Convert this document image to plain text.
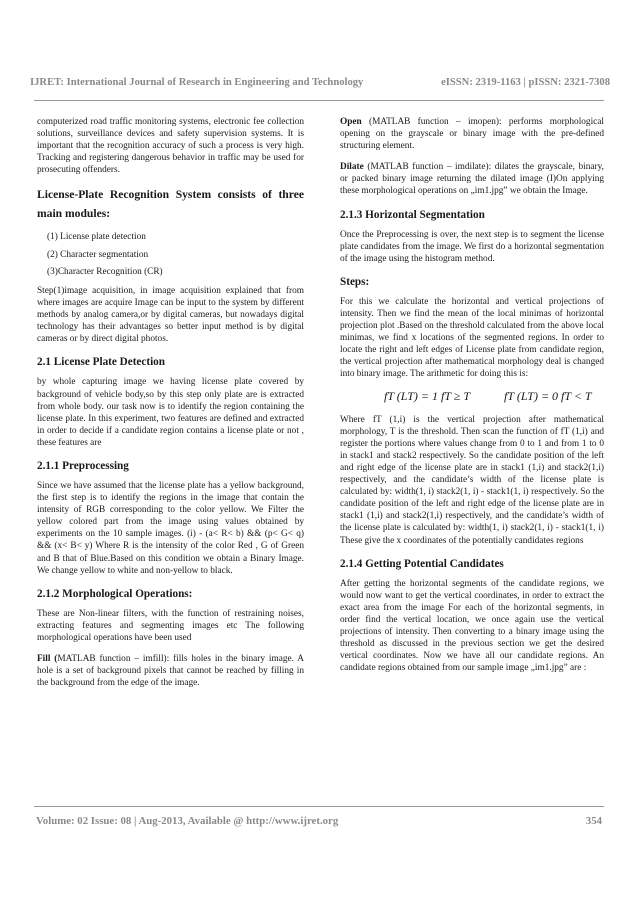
IJRET: International Journal of Research in Engineering and Technology	eISSN: 2319-1163 | pISSN: 2321-7308

computerized road traffic monitoring systems, electronic fee collection solutions, surveillance devices and safety supervision systems. It is important that the recognition accuracy of such a process is very high. Tracking and registering dangerous behavior in traffic may be used for prosecuting offenders.

License-Plate Recognition System consists of three main modules:
(1) License plate detection
(2) Character segmentation
(3)Character Recognition (CR)

Step(1)image acquisition, in image acquisition explained that from where images are acquire Image can be input to the system by different methods by analog camera,or by digital cameras, but nowadays digital technology has their advantages so better input method is by digital cameras or by direct digital photos.

2.1 License Plate Detection

by whole capturing image we having license plate covered by background of vehicle body,so by this step only plate are is extracted from whole body. our task now is to identify the region containing the license plate. In this experiment, two features are defined and extracted in order to decide if a candidate region contains a license plate or not , these features are

2.1.1 Preprocessing

Since we have assumed that the license plate has a yellow background, the first step is to identify the regions in the image that contain the intensity of RGB corresponding to the color yellow. We Filter the yellow colored part from the image using values obtained by experiments on the 10 sample images. (i) - (a< R< b) && (p< G< q) && (x< B< y) Where R is the intensity of the color Red , G of Green and B that of Blue.Based on this condition we obtain a Binary Image. We change yellow to white and non-yellow to black.

2.1.2 Morphological Operations:

These are Non-linear filters, with the function of restraining noises, extracting features and segmenting images etc The following morphological operations have been used

Fill (MATLAB function – imfill): fills holes in the binary image. A hole is a set of background pixels that cannot be reached by filling in the background from the edge of the image.

Open (MATLAB function – imopen): performs morphological opening on the grayscale or binary image with the pre-defined structuring element.

Dilate (MATLAB function – imdilate): dilates the grayscale, binary, or packed binary image returning the dilated image (I)On applying these morphological operations on „im1.jpg” we obtain the Image.

2.1.3 Horizontal Segmentation

Once the Preprocessing is over, the next step is to segment the license plate candidates from the image. We first do a horizontal segmentation of the image using the histogram method.

Steps:

For this we calculate the horizontal and vertical projections of intensity. Then we find the mean of the local minimas of horizontal projection plot .Based on the threshold calculated from the above local minimas, we find x locations of the segmented regions. In order to locate the right and left edges of License plate from candidate region, the vertical projection after mathematical morphology deal is changed into binary image. The arithmetic for doing this is:

fT (LT) = 1 fT ≥ T	fT (LT) = 0 fT < T

Where fT (1,i) is the vertical projection after mathematical morphology, T is the threshold. Then scan the function of fT (1,i) and register the portions where values change from 0 to 1 and from 1 to 0 in stack1 and stack2 respectively. So the candidate position of the left and right edge of the license plate are in stack1 (1,i) and stack2(1,i) respectively, and the candidate’s width of the license plate is calculated by: width(1, i) stack2(1, i) - stack1(1, i) respectively. So the candidate position of the left and right edge of the license plate are in stack1 (1,i) and stack2(1,i) respectively, and the candidate’s width of the license plate is calculated by: width(1, i) stack2(1, i) - stack1(1, i) These give the x coordinates of the potentially candidates regions

2.1.4 Getting Potential Candidates

After getting the horizontal segments of the candidate regions, we would now want to get the vertical coordinates, in order to extract the exact area from the image For each of the horizontal segments, in order find the vertical location, we once again use the vertical projections of intensity. Then converting to a binary image using the threshold as discussed in the previous section we get the desired vertical coordinates. Now we have all our candidate regions. An candidate regions obtained from our sample image „im1.jpg” are :

Volume: 02 Issue: 08 | Aug-2013, Available @ http://www.ijret.org	354
